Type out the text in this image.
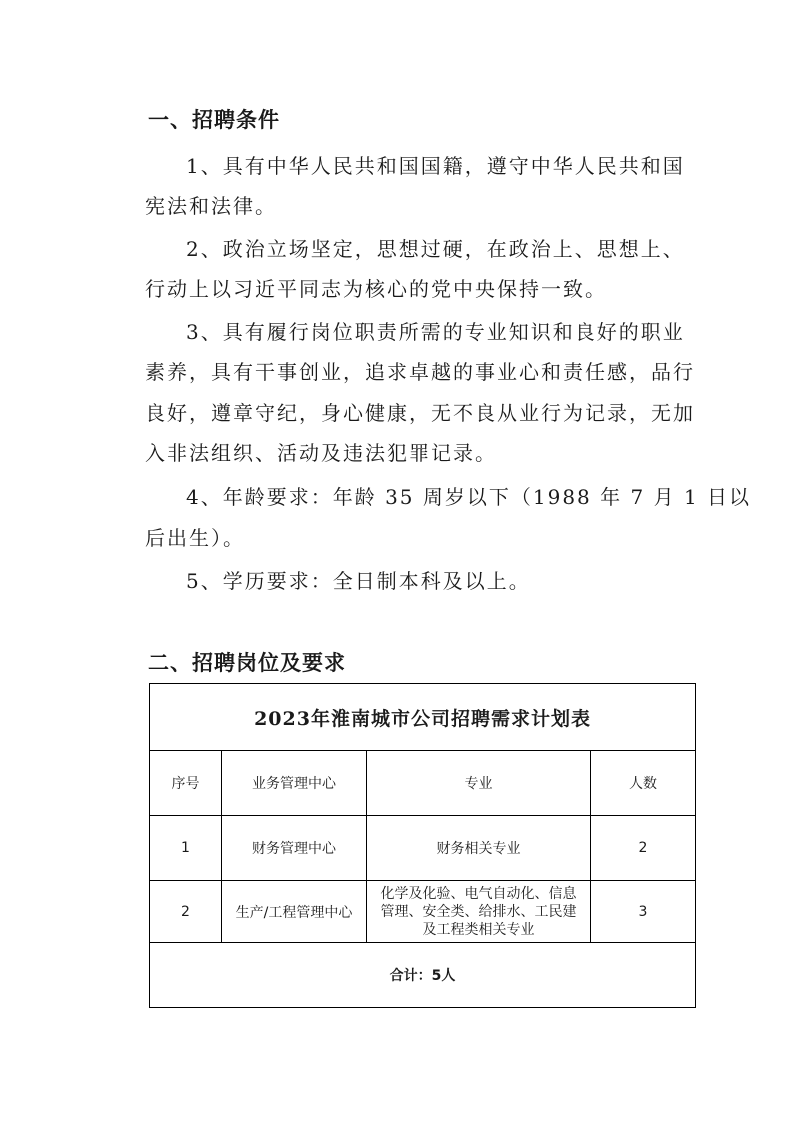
一、招聘条件
1、具有中华人民共和国国籍，遵守中华人民共和国
宪法和法律。
2、政治立场坚定，思想过硬，在政治上、思想上、
行动上以习近平同志为核心的党中央保持一致。
3、具有履行岗位职责所需的专业知识和良好的职业
素养，具有干事创业，追求卓越的事业心和责任感，品行
良好，遵章守纪，身心健康，无不良从业行为记录，无加
入非法组织、活动及违法犯罪记录。
4、年龄要求：年龄 35 周岁以下（1988 年 7 月 1 日以
后出生）。
5、学历要求：全日制本科及以上。
二、招聘岗位及要求
2023年淮南城市公司招聘需求计划表			
序号	业务管理中心	专业	人数
1	财务管理中心	财务相关专业	2
2	生产/工程管理中心	化学及化验、电气自动化、信息
管理、安全类、给排水、工民建
及工程类相关专业	3
合计：5人			
